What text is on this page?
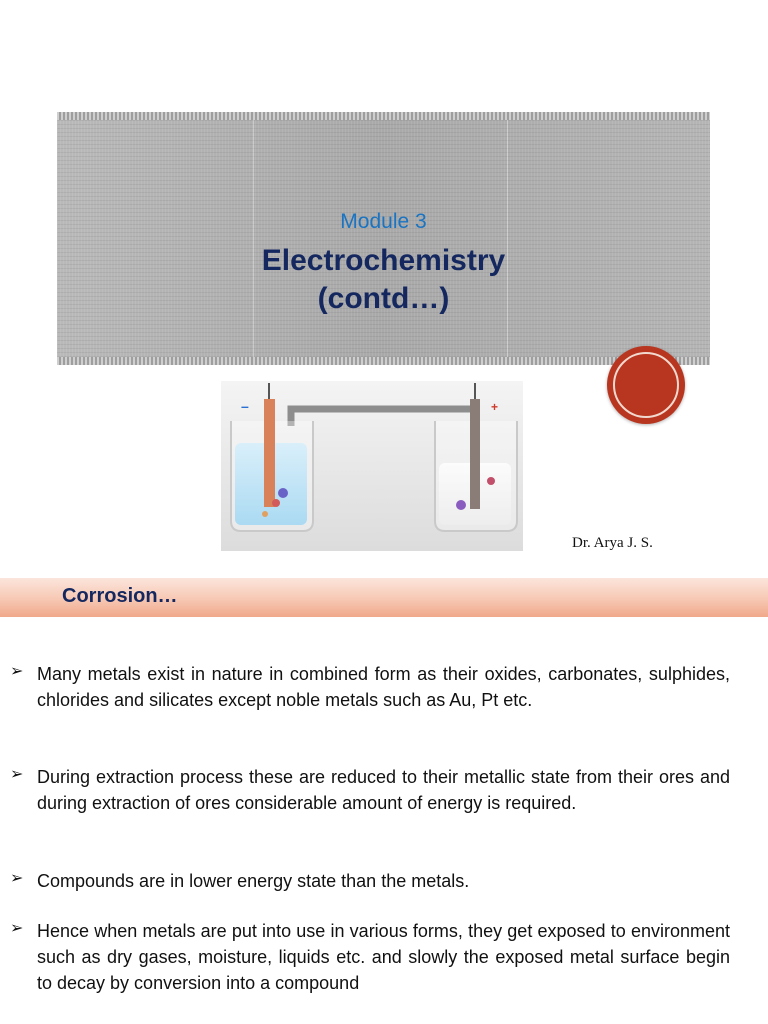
Module 3
Electrochemistry
(contd…)
–	+
Dr. Arya J. S.
Corrosion…
➢ Many metals exist in nature in combined form as their oxides, carbonates, sulphides, chlorides and silicates except noble metals such as Au, Pt etc.
➢ During extraction process these are reduced to their metallic state from their ores and during extraction of ores considerable amount of energy is required.
➢ Compounds are in lower energy state than the metals.
➢ Hence when metals are put into use in various forms, they get exposed to environment such as dry gases, moisture, liquids etc. and slowly the exposed metal surface begin to decay by conversion into a compound
